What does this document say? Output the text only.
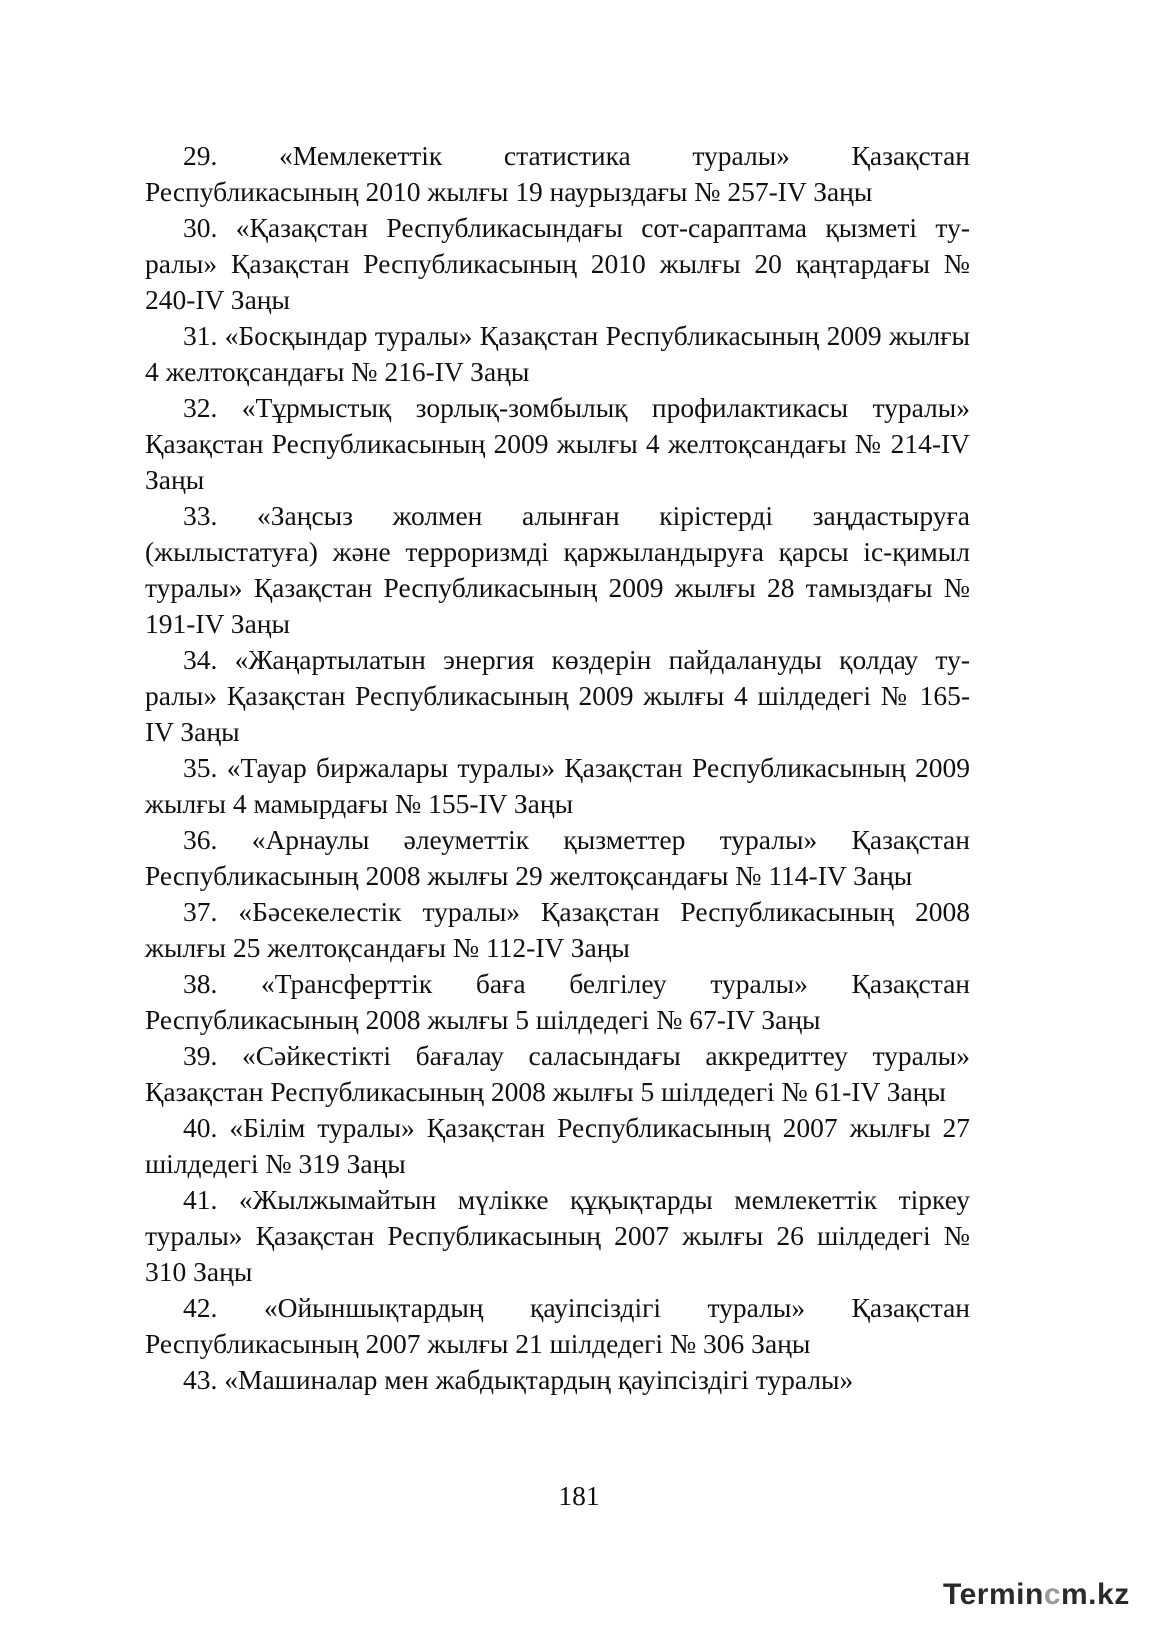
29. «Мемлекеттік статистика туралы» Қазақстан Республикасының 2010 жылғы 19 наурыздағы № 257-IV Заңы

30. «Қазақстан Республикасындағы сот-сараптама қызметі туралы» Қазақстан Республикасының 2010 жылғы 20 қаңтардағы № 240-IV Заңы

31. «Босқындар туралы» Қазақстан Республикасының 2009 жылғы 4 желтоқсандағы № 216-IV Заңы

32. «Тұрмыстық зорлық-зомбылық профилактикасы туралы» Қазақстан Республикасының 2009 жылғы 4 желтоқсандағы № 214-IV Заңы

33. «Заңсыз жолмен алынған кірістерді заңдастыруға (жылыстатуға) және терроризмді қаржыландыруға қарсы іс-қимыл туралы» Қазақстан Республикасының 2009 жылғы 28 тамыздағы № 191-IV Заңы

34. «Жаңартылатын энергия көздерін пайдалануды қолдау туралы» Қазақстан Республикасының 2009 жылғы 4 шілдедегі № 165-IV Заңы

35. «Тауар биржалары туралы» Қазақстан Республикасының 2009 жылғы 4 мамырдағы № 155-IV Заңы

36. «Арнаулы әлеуметтік қызметтер туралы» Қазақстан Республикасының 2008 жылғы 29 желтоқсандағы № 114-IV Заңы

37. «Бәсекелестік туралы» Қазақстан Республикасының 2008 жылғы 25 желтоқсандағы № 112-IV Заңы

38. «Трансферттік баға белгілеу туралы» Қазақстан Республикасының 2008 жылғы 5 шілдедегі № 67-IV Заңы

39. «Сәйкестікті бағалау саласындағы аккредиттеу туралы» Қазақстан Республикасының 2008 жылғы 5 шілдедегі № 61-IV Заңы

40. «Білім туралы» Қазақстан Республикасының 2007 жылғы 27 шілдедегі № 319 Заңы

41. «Жылжымайтын мүлікке құқықтарды мемлекеттік тіркеу туралы» Қазақстан Республикасының 2007 жылғы 26 шілдедегі № 310 Заңы

42. «Ойыншықтардың қауіпсіздігі туралы» Қазақстан Республикасының 2007 жылғы 21 шілдедегі № 306 Заңы

43. «Машиналар мен жабдықтардың қауіпсіздігі туралы»

181
Termincm.kz
